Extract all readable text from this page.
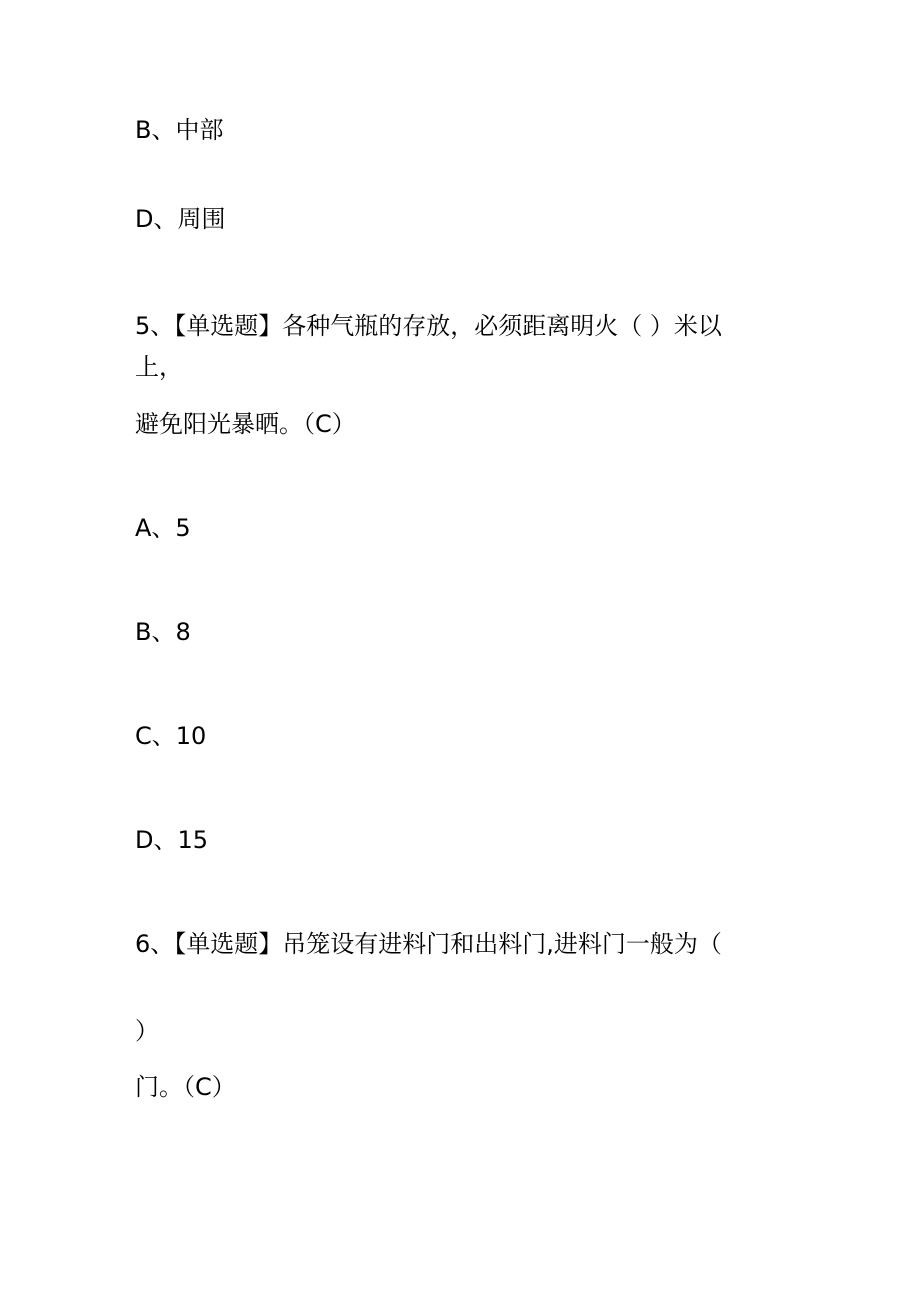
B、中部

D、周围

5、【单选题】各种气瓶的存放，必须距离明火（ ）米以

上，

避免阳光暴晒。（C）

A、5

B、8

C、10

D、15

6、【单选题】吊笼设有进料门和出料门,进料门一般为（

）

门。（C）
